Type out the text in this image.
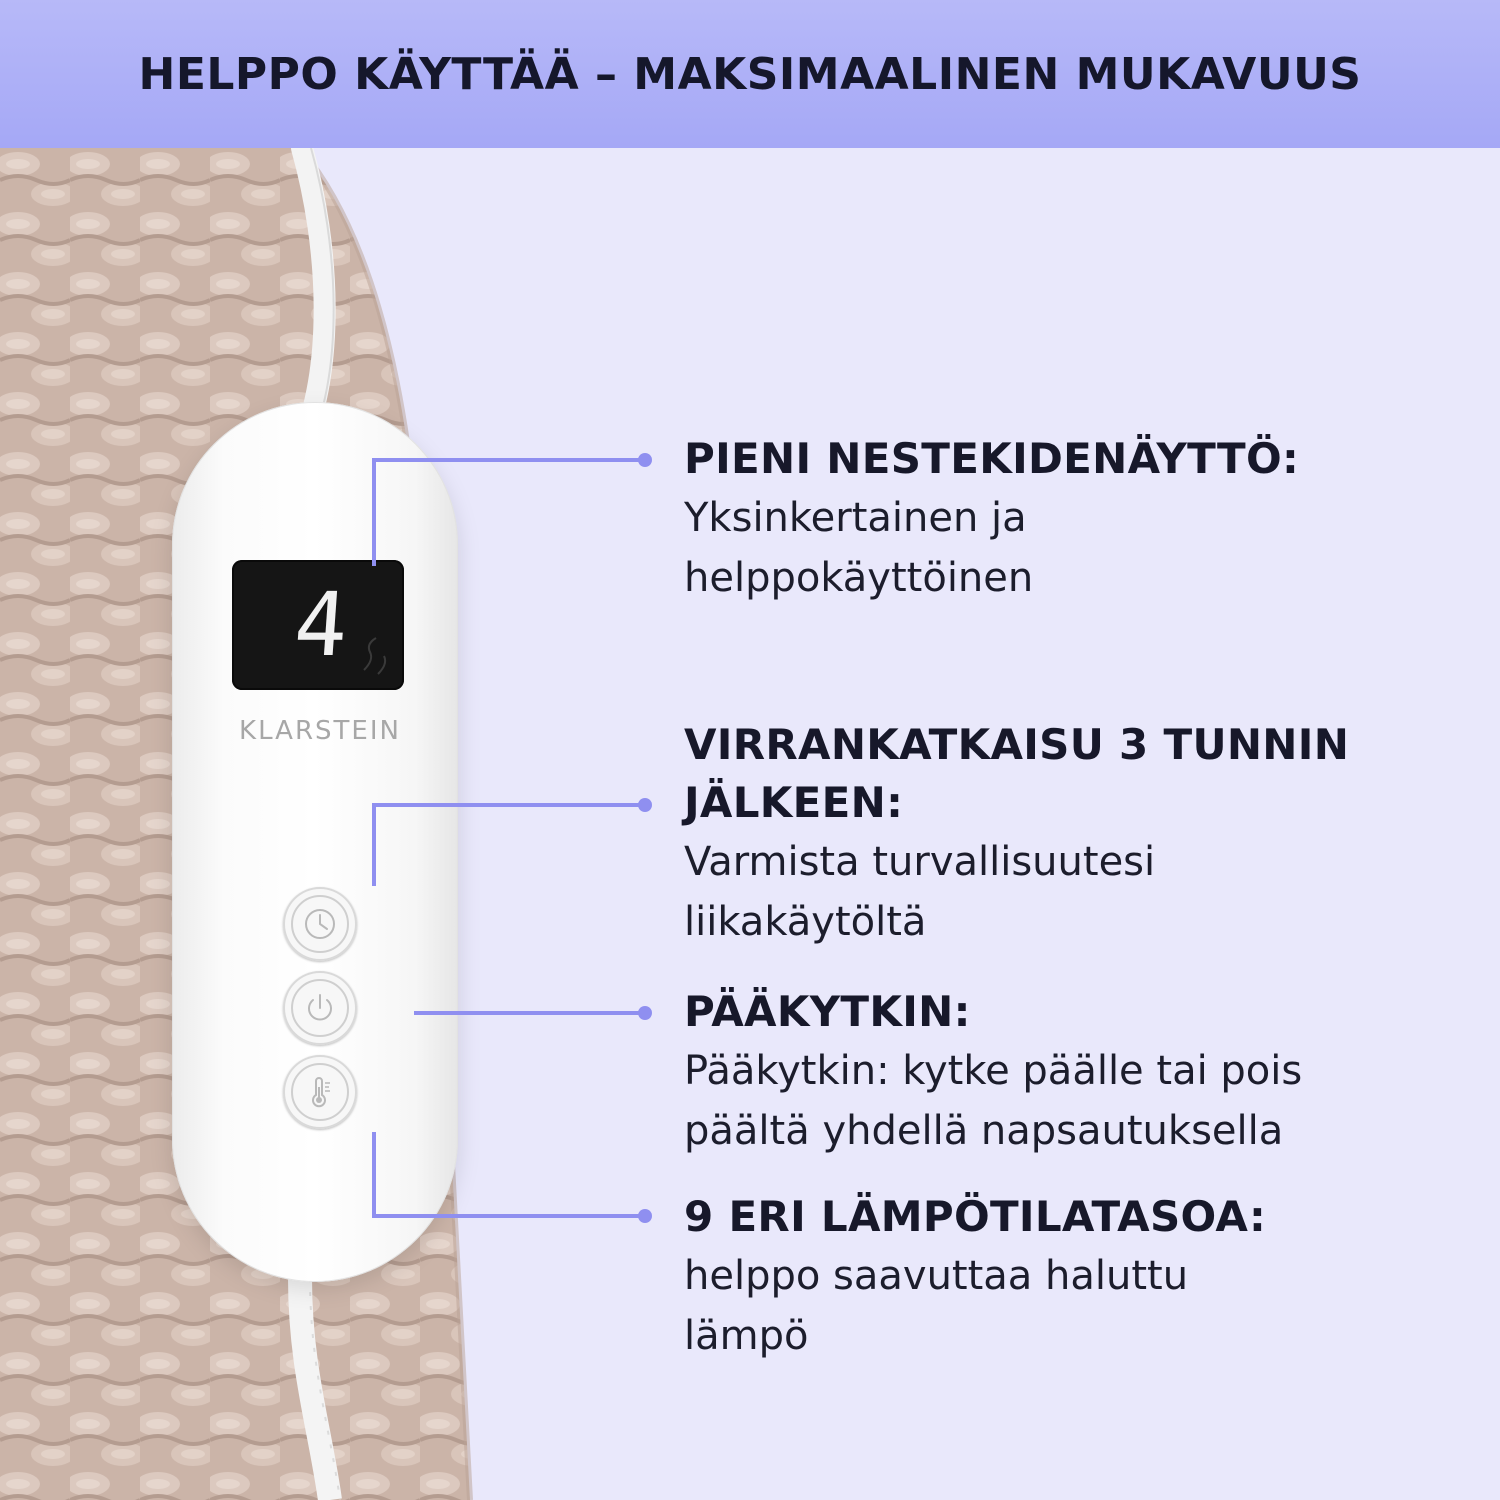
HELPPO KÄYTTÄÄ – MAKSIMAALINEN MUKAVUUS
4
KLARSTEIN
PIENI NESTEKIDENÄYTTÖ:
Yksinkertainen ja
helppokäyttöinen
VIRRANKATKAISU 3 TUNNIN
JÄLKEEN:
Varmista turvallisuutesi
liikakäytöltä
PÄÄKYTKIN:
Pääkytkin: kytke päälle tai pois
päältä yhdellä napsautuksella
9 ERI LÄMPÖTILATASOA:
helppo saavuttaa haluttu
lämpö
